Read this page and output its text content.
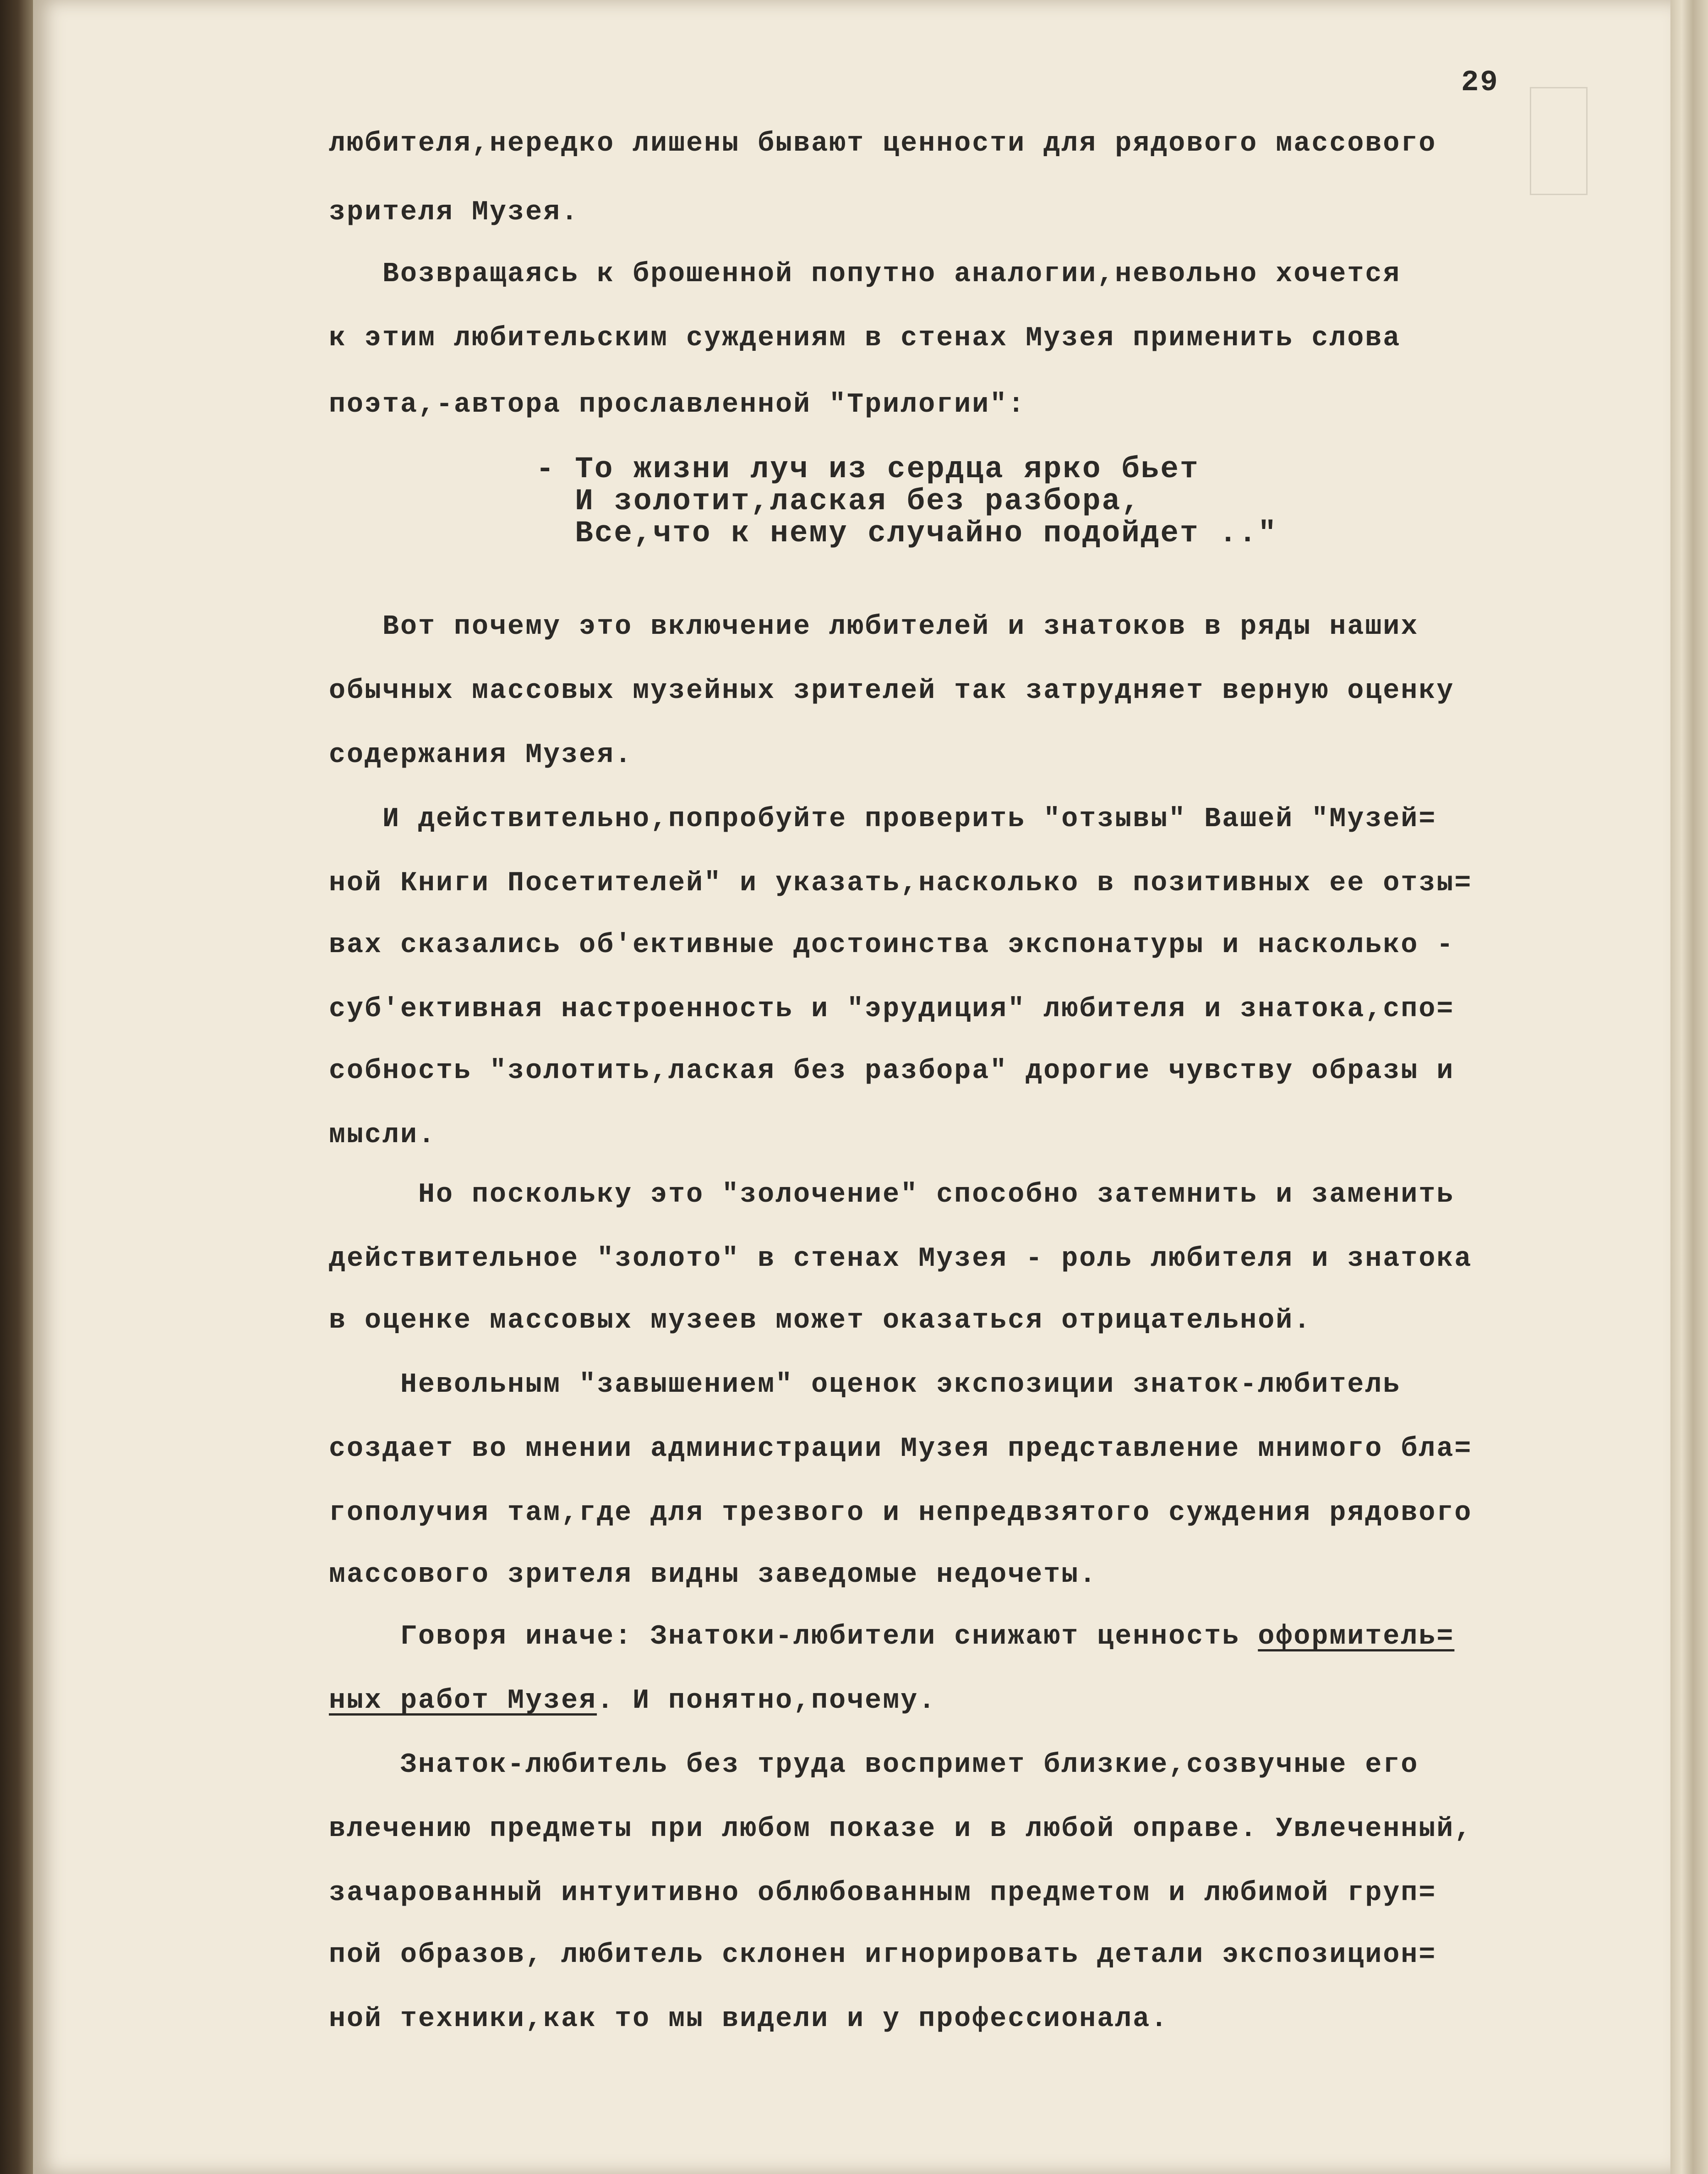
29
любителя,нередко лишены бывают ценности для рядового массового
зрителя Музея.
Возвращаясь к брошенной попутно аналогии,невольно хочется
к этим любительским суждениям в стенах Музея применить слова
поэта,-автора прославленной "Трилогии":
- То жизни луч из сердца ярко бьет
И золотит,лаская без разбора,
Все,что к нему случайно подойдет .."
Вот почему это включение любителей и знатоков в ряды наших
обычных массовых музейных зрителей так затрудняет верную оценку
содержания Музея.
И действительно,попробуйте проверить "отзывы" Вашей "Музей=
ной Книги Посетителей" и указать,насколько в позитивных ее отзы=
вах сказались об'ективные достоинства экспонатуры и насколько -
суб'ективная настроенность и "эрудиция" любителя и знатока,спо=
собность "золотить,лаская без разбора" дорогие чувству образы и
мысли.
Но поскольку это "золочение" способно затемнить и заменить
действительное "золото" в стенах Музея - роль любителя и знатока
в оценке массовых музеев может оказаться отрицательной.
Невольным "завышением" оценок экспозиции знаток-любитель
создает во мнении администрации Музея представление мнимого бла=
гополучия там,где для трезвого и непредвзятого суждения рядового
массового зрителя видны заведомые недочеты.
Говоря иначе: Знатоки-любители снижают ценность оформитель=
ных работ Музея. И понятно,почему.
Знаток-любитель без труда воспримет близкие,созвучные его
влечению предметы при любом показе и в любой оправе. Увлеченный,
зачарованный интуитивно облюбованным предметом и любимой груп=
пой образов, любитель склонен игнорировать детали экспозицион=
ной техники,как то мы видели и у профессионала.
